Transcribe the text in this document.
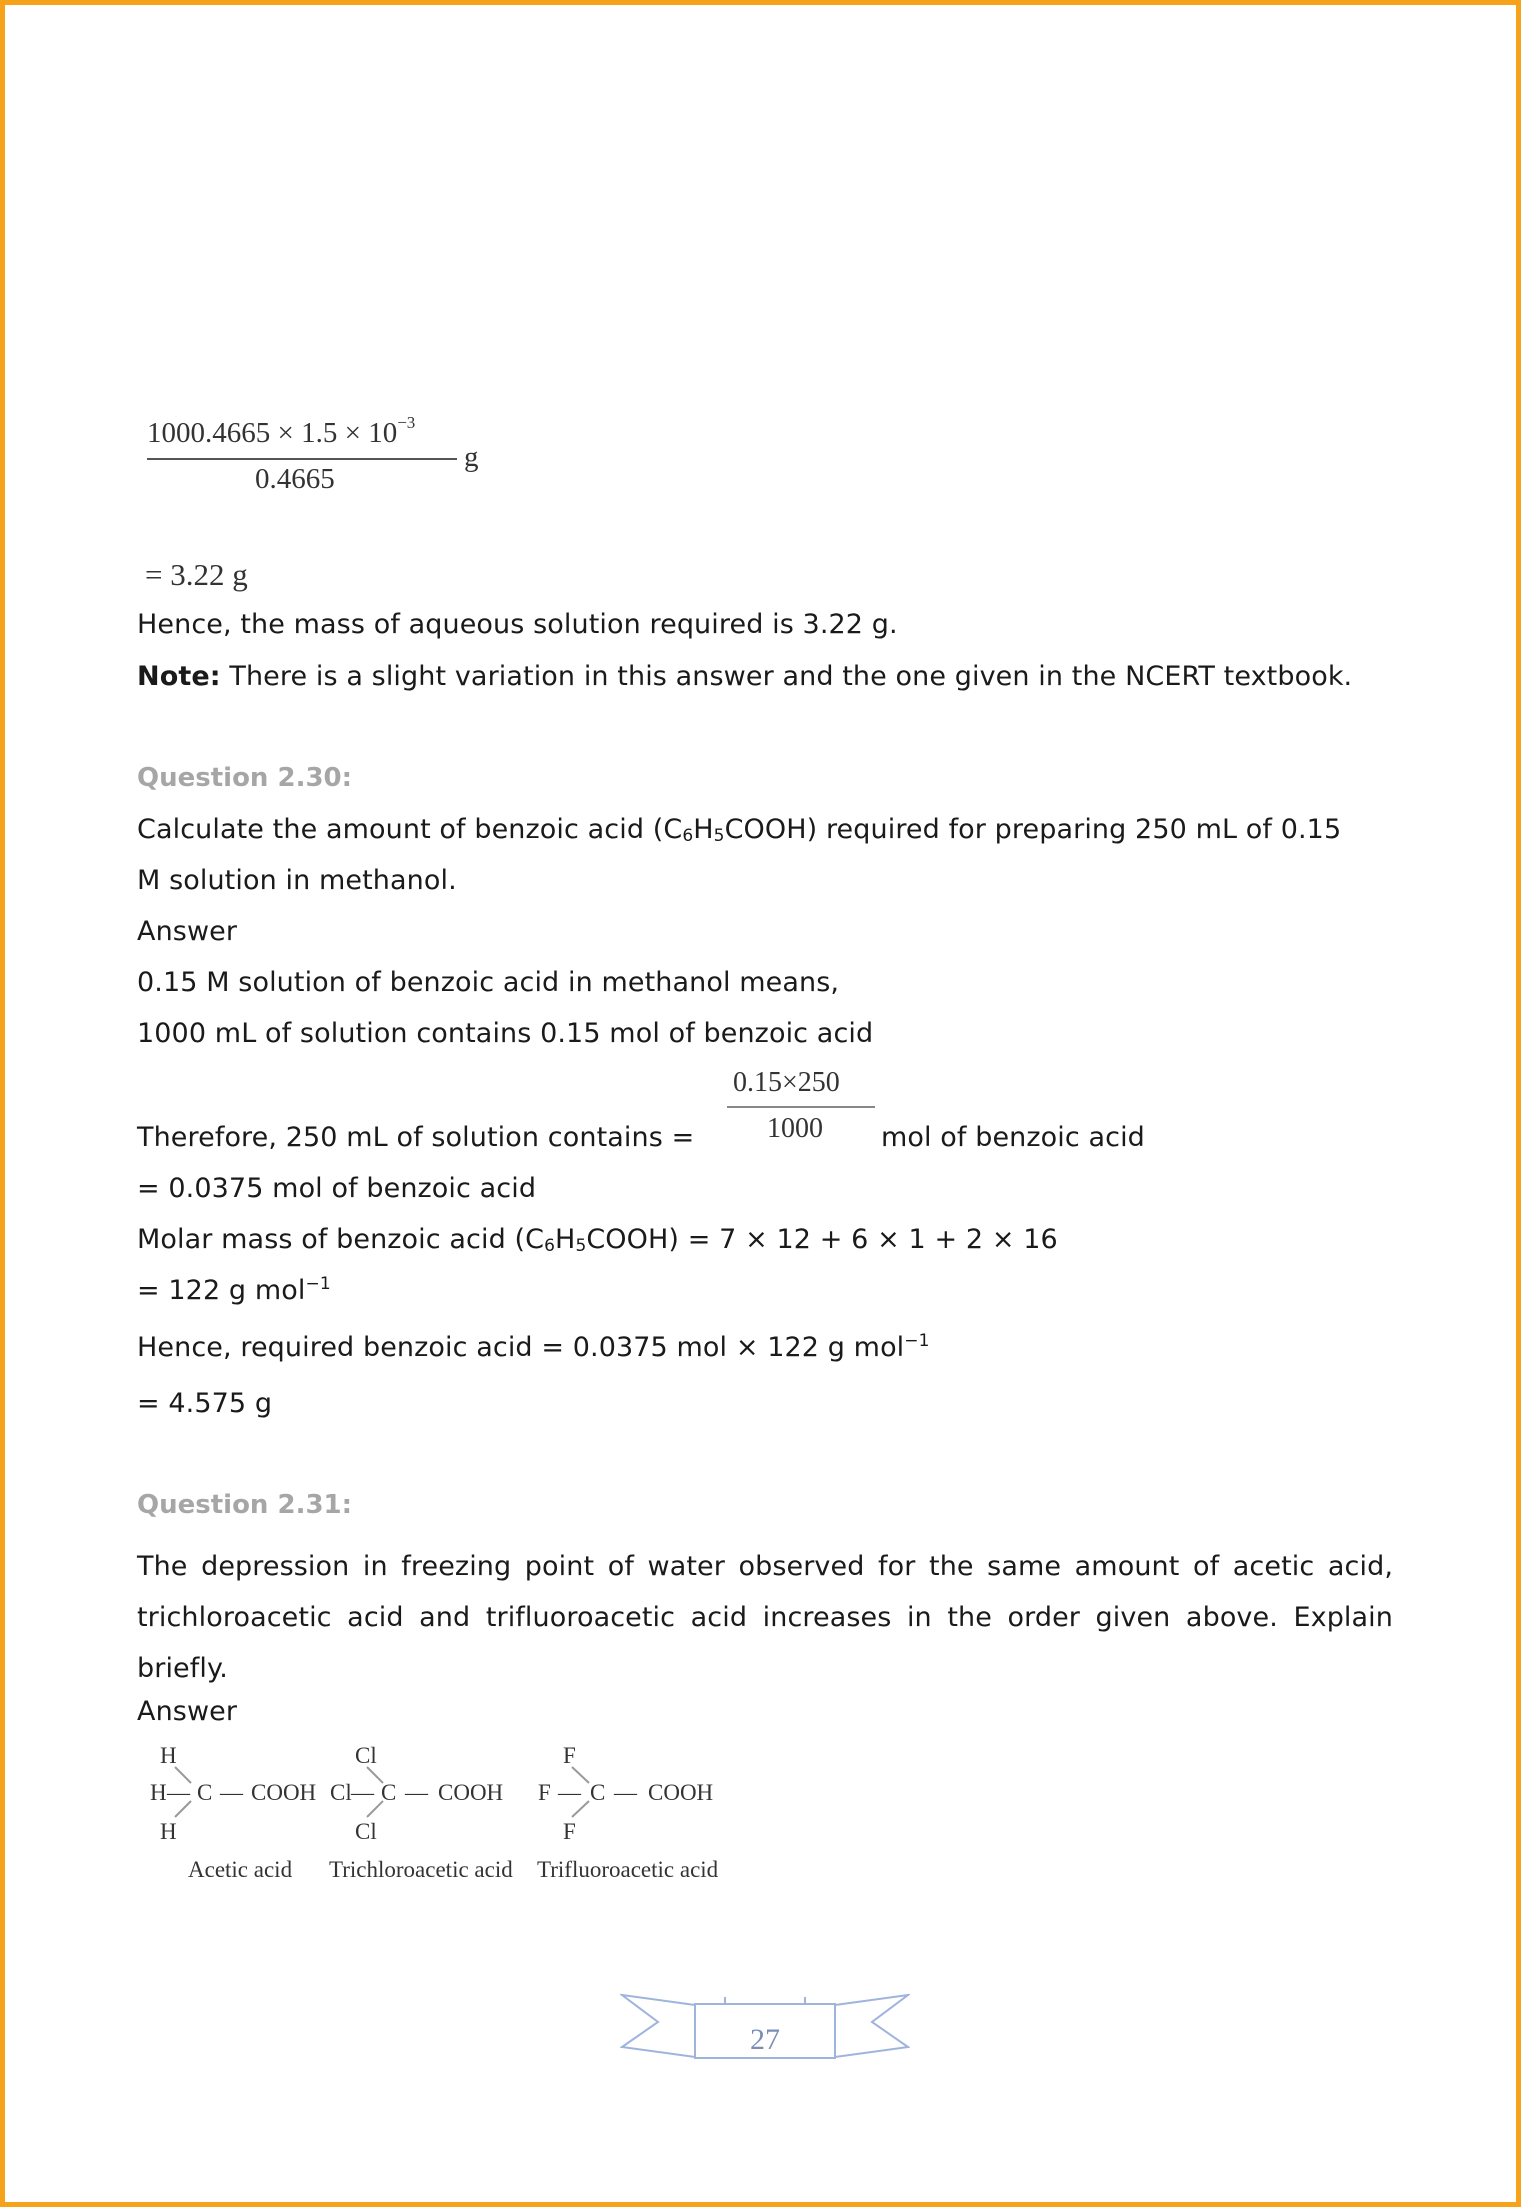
$1000.4665 \times 1.5 \times 10^{-3}$
0.4665
g
= 3.22 g
Hence, the mass of aqueous solution required is 3.22 g.
Note: There is a slight variation in this answer and the one given in the NCERT textbook.
Question 2.30:
Calculate the amount of benzoic acid $(C_6H_5COOH)$ required for preparing 250 mL of 0.15
M solution in methanol.
Answer
0.15 M solution of benzoic acid in methanol means,
1000 mL of solution contains 0.15 mol of benzoic acid
0.15×250
1000
Therefore, 250 mL of solution contains =	mol of benzoic acid
= 0.0375 mol of benzoic acid
Molar mass of benzoic acid $(C_6H_5COOH) = 7 \times 12 + 6 \times 1 + 2 \times 16$
= 122 g mol$^{-1}$
Hence, required benzoic acid = 0.0375 mol × 122 g mol$^{-1}$
= 4.575 g
Question 2.31:
The depression in freezing point of water observed for the same amount of acetic acid, trichloroacetic acid and trifluoroacetic acid increases in the order given above. Explain briefly.
Answer
H
H — C — COOH
H
Acetic acid
Cl
Cl — C — COOH
Cl
Trichloroacetic acid
F
F — C — COOH
F
Trifluoroacetic acid
27
